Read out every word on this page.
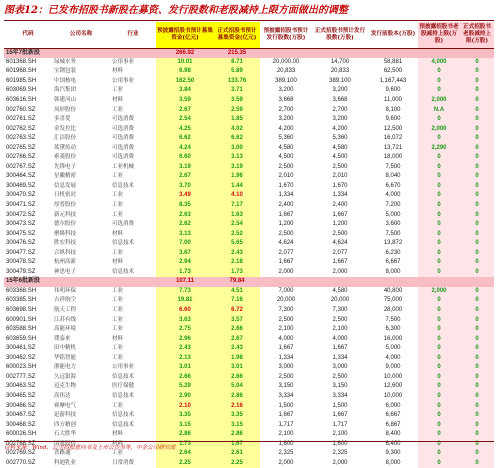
图表12：已发布招股书新股在募资、发行股数和老股减持上限方面做出的调整
代码	公司名称	行业	预披露招股书预计募集资金(亿元)	正式招股书预计募集资金(亿元)	预披露招股书预计发行股数(万股)	正式招股书预计发行股数(万股)	发行前股本(万股)	预披露招股书老股减持上限(万股)	正式招股书老股减持上限(万股)
15年7批新股			266.92	215.35					
601368.SH	绿城水务	公用事业	10.01	8.71	20,000.00	14,700	58,881	4,000	0
601968.SH	宝钢包装	材料	6.98	5.89	20,833	20,833	62,500	0	0
601985.SH	中国核电	公用事业	162.50	133.76	389,100	389,100	1,167,443	0	0
603069.SH	海汽集团	工业	3.84	3.71	3,200	3,200	9,600	0	0
603616.SH	韩建河山	材料	3.59	3.59	3,668	3,668	11,000	2,000	0
002760.SZ	凤形股份	工业	2.67	2.59	2,700	2,700	8,100	N.A	0
002761.SZ	多喜爱	可选消费	2.54	1.85	3,200	3,200	9,600	0	0
002762.SZ	金发拉比	可选消费	4.25	4.02	4,200	4,200	12,500	2,000	0
002763.SZ	汇洁股份	可选消费	6.62	6.62	5,360	5,360	16,072	0	0
002765.SZ	蓝黛传动	可选消费	4.24	3.00	4,580	4,580	13,721	2,290	0
002766.SZ	索菱股份	可选消费	6.60	3.13	4,500	4,500	18,000	0	0
002767.SZ	先锋电子	工业机械	3.19	3.19	2,500	2,500	7,500	0	0
300464.SZ	星徽精密	工业	2.67	1.96	2,010	2,010	8,040	0	0
300469.SZ	信息发展	信息技术	3.70	1.44	1,670	1,670	6,670	0	0
300470.SZ	日机密封	工业	3.49	4.10	1,334	1,334	4,000	0	0
300471.SZ	厚普股份	工业	8.35	7.17	2,400	2,400	7,200	0	0
300472.SZ	新元科技	工业	2.63	1.63	1,667	1,667	5,000	0	0
300473.SZ	德尔股份	可选消费	2.62	2.54	1,200	1,200	3,600	0	0
300475.SZ	聚隆科技	材料	3.13	2.52	2,500	2,500	7,500	0	0
300476.SZ	胜宏科技	信息技术	7.00	5.65	4,624	4,624	13,872	0	0
300477.SZ	合纵科技	工业	3.67	2.43	2,077	2,077	6,230	0	0
300478.SZ	杭州高新	材料	2.94	2.18	1,667	1,667	6,667	0	0
300479.SZ	神思电子	信息技术	1.73	1.73	2,000	2,000	8,000	0	0
15年6批新股			107.11	79.84					
603368.SH	伟明环保	工业	7.73	4.51	7,000	4,580	40,800	2,000	0
603385.SH	吉祥航空	工业	19.81	7.16	20,000	20,000	75,000	0	0
603698.SH	航天工程	工业	6.60	6.72	7,300	7,300	28,000	0	0
600901.SH	江苏有线	工业	3.63	3.57	2,500	2,500	7,500	0	0
603588.SH	高能环境	工业	2.75	2.66	2,100	2,100	6,300	0	0
603659.SH	璞泰来	材料	2.96	2.67	4,000	4,000	16,000	0	0
300461.SZ	田中精机	工业	2.43	2.43	1,667	1,667	5,000	0	0
300462.SZ	华铭智能	工业	2.13	1.98	1,334	1,334	4,000	0	0
600023.SH	浙能电力	公用事业	3.01	3.01	3,000	3,000	9,000	0	0
002777.SZ	久远银海	信息技术	2.66	2.66	2,500	2,500	10,000	0	0
300463.SZ	迈克生物	医疗保健	5.29	5.04	3,150	3,150	12,600	0	0
300465.SZ	高伟达	信息技术	2.90	2.86	3,334	3,334	10,000	0	0
300466.SZ	赛摩电气	工业	2.10	2.16	1,500	1,500	6,000	0	0
300467.SZ	迅游科技	信息技术	3.35	3.35	1,667	1,667	6,667	0	0
300468.SZ	四方精创	信息技术	3.15	3.15	1,717	1,717	6,867	0	0
600026.SH	石大胜华	材料	2.86	2.86	2,100	2,100	8,400	0	0
002768.SZ	国恩股份	材料	1.73	1.67	1,600	1,600	6,400	0	0
002769.SZ	普路通	工业	2.64	2.61	2,325	2,325	9,300	0	0
002770.SZ	科迪乳业	日常消费	2.25	2.25	2,000	2,000	8,000	0	0
资料来源：Wind，公司招股意向书及上市公告书等，中金公司研究部
